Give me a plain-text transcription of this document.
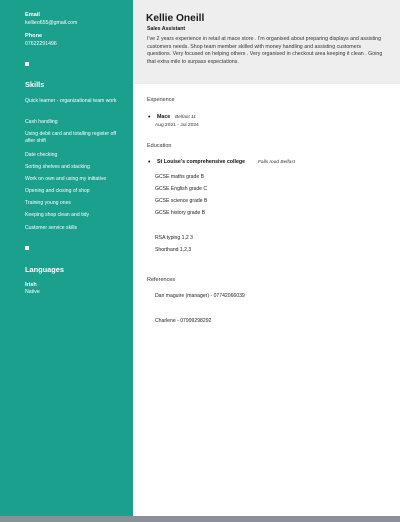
Email
kellieo655@gmail.com
Phone
07622291496
Skills
Quick learner - organizational team work
Cash handling
Using debit card and totalling register off after shift
Date checking
Sorting shelves and stacking
Work on own and using my initiative
Opening and closing of shop
Training young ones
Keeping shop clean and tidy
Customer service skills
Languages
Irish
Native
Kellie Oneill
Sales Assistant
I've 2 years experience in retail at mace store . I'm organised about preparing displays and assisting customers needs. Shop team member skilled with money handling and assisting customers questions. Very focused on helping others . Very organised in checkout area keeping it clean . Going that extra mile to surpass expectations.
Experience
• Mace Belfast 11
Aug 2021 - Jul 2024
Education
• St Louise's comprehensive college	Falls road Belfast
GCSE maths grade B
GCSE English grade C
GCSE science grade B
GCSE history grade B
RSA typing 1,2 3
Shorthand 1,2,3
References
Dan maguire (manager) - 07742066039
Charlene - 07999298292
